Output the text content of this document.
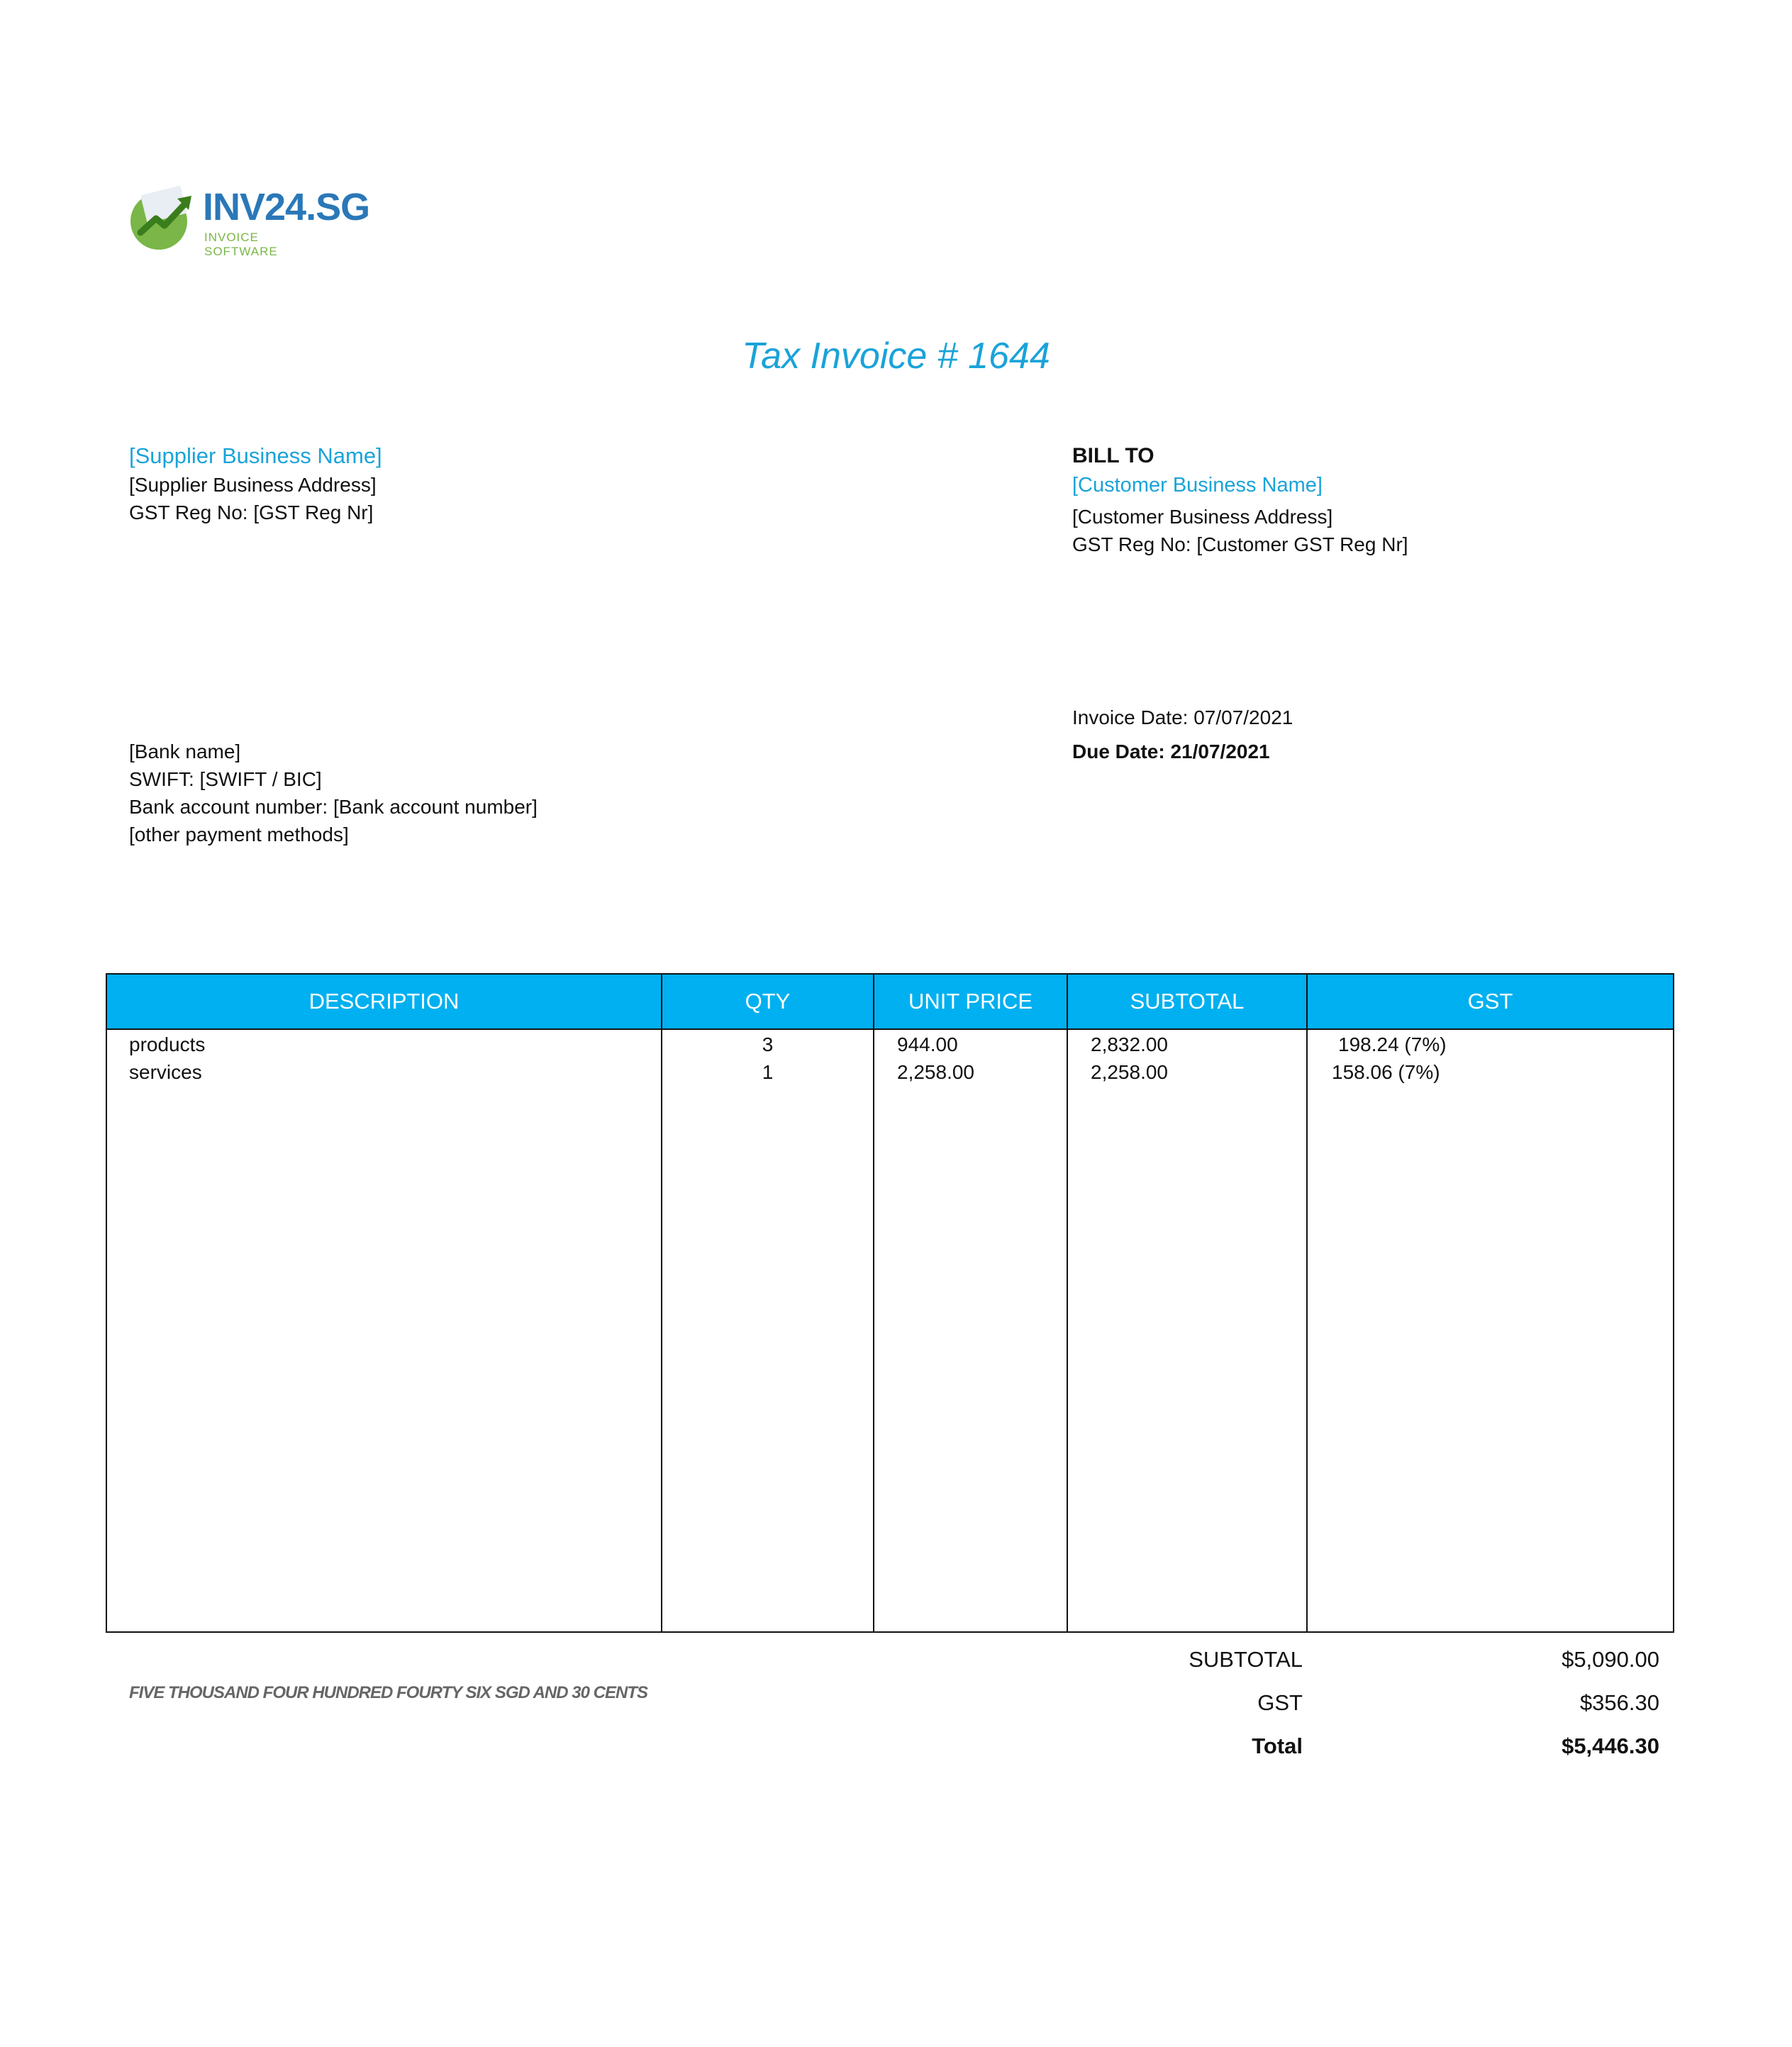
INV24.SG
INVOICE SOFTWARE
Tax Invoice # 1644
[Supplier Business Name]
[Supplier Business Address]
GST Reg No: [GST Reg Nr]
BILL TO
[Customer Business Name]
[Customer Business Address]
GST Reg No: [Customer GST Reg Nr]
Invoice Date: 07/07/2021
Due Date: 21/07/2021
[Bank name]
SWIFT: [SWIFT / BIC]
Bank account number: [Bank account number]
[other payment methods]
DESCRIPTION	QTY	UNIT PRICE	SUBTOTAL	GST
products	3	944.00	2,832.00	198.24 (7%)
services	1	2,258.00	2,258.00	158.06 (7%)
FIVE THOUSAND FOUR HUNDRED FOURTY SIX SGD AND 30 CENTS
SUBTOTAL	$5,090.00
GST	$356.30
Total	$5,446.30
